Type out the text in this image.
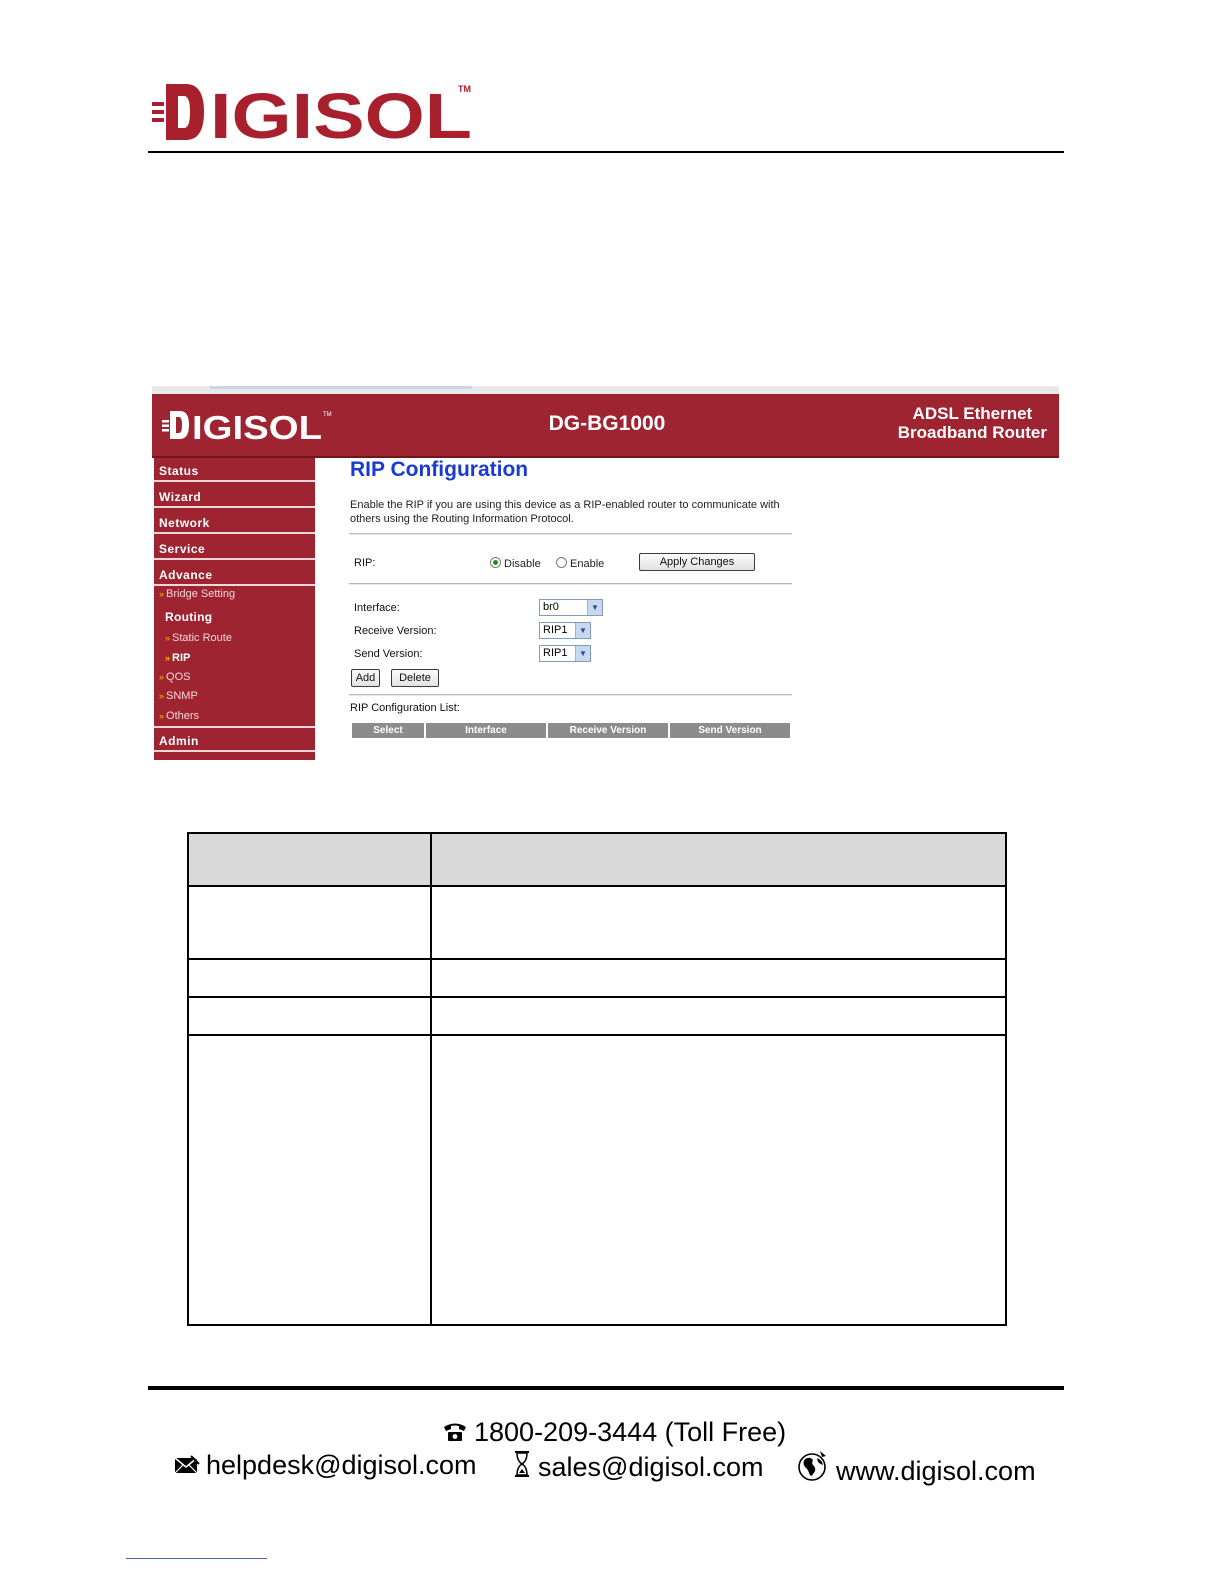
IGISOL
TM
IGISOL TM	DG-BG1000	ADSL Ethernet
Broadband Router
Status
Wizard
Network
Service
Advance
» Bridge Setting
Routing
» Static Route
» RIP
» QOS
» SNMP
» Others
Admin
RIP Configuration
Enable the RIP if you are using this device as a RIP-enabled router to communicate with others using the Routing Information Protocol.
RIP:	Disable	Enable	Apply Changes
Interface:	br0	▼
Receive Version:	RIP1	▼
Send Version:	RIP1	▼
Add	Delete
RIP Configuration List:
Select	Interface	Receive Version	Send Version
1800-209-3444 (Toll Free)
helpdesk@digisol.com	sales@digisol.com	www.digisol.com
